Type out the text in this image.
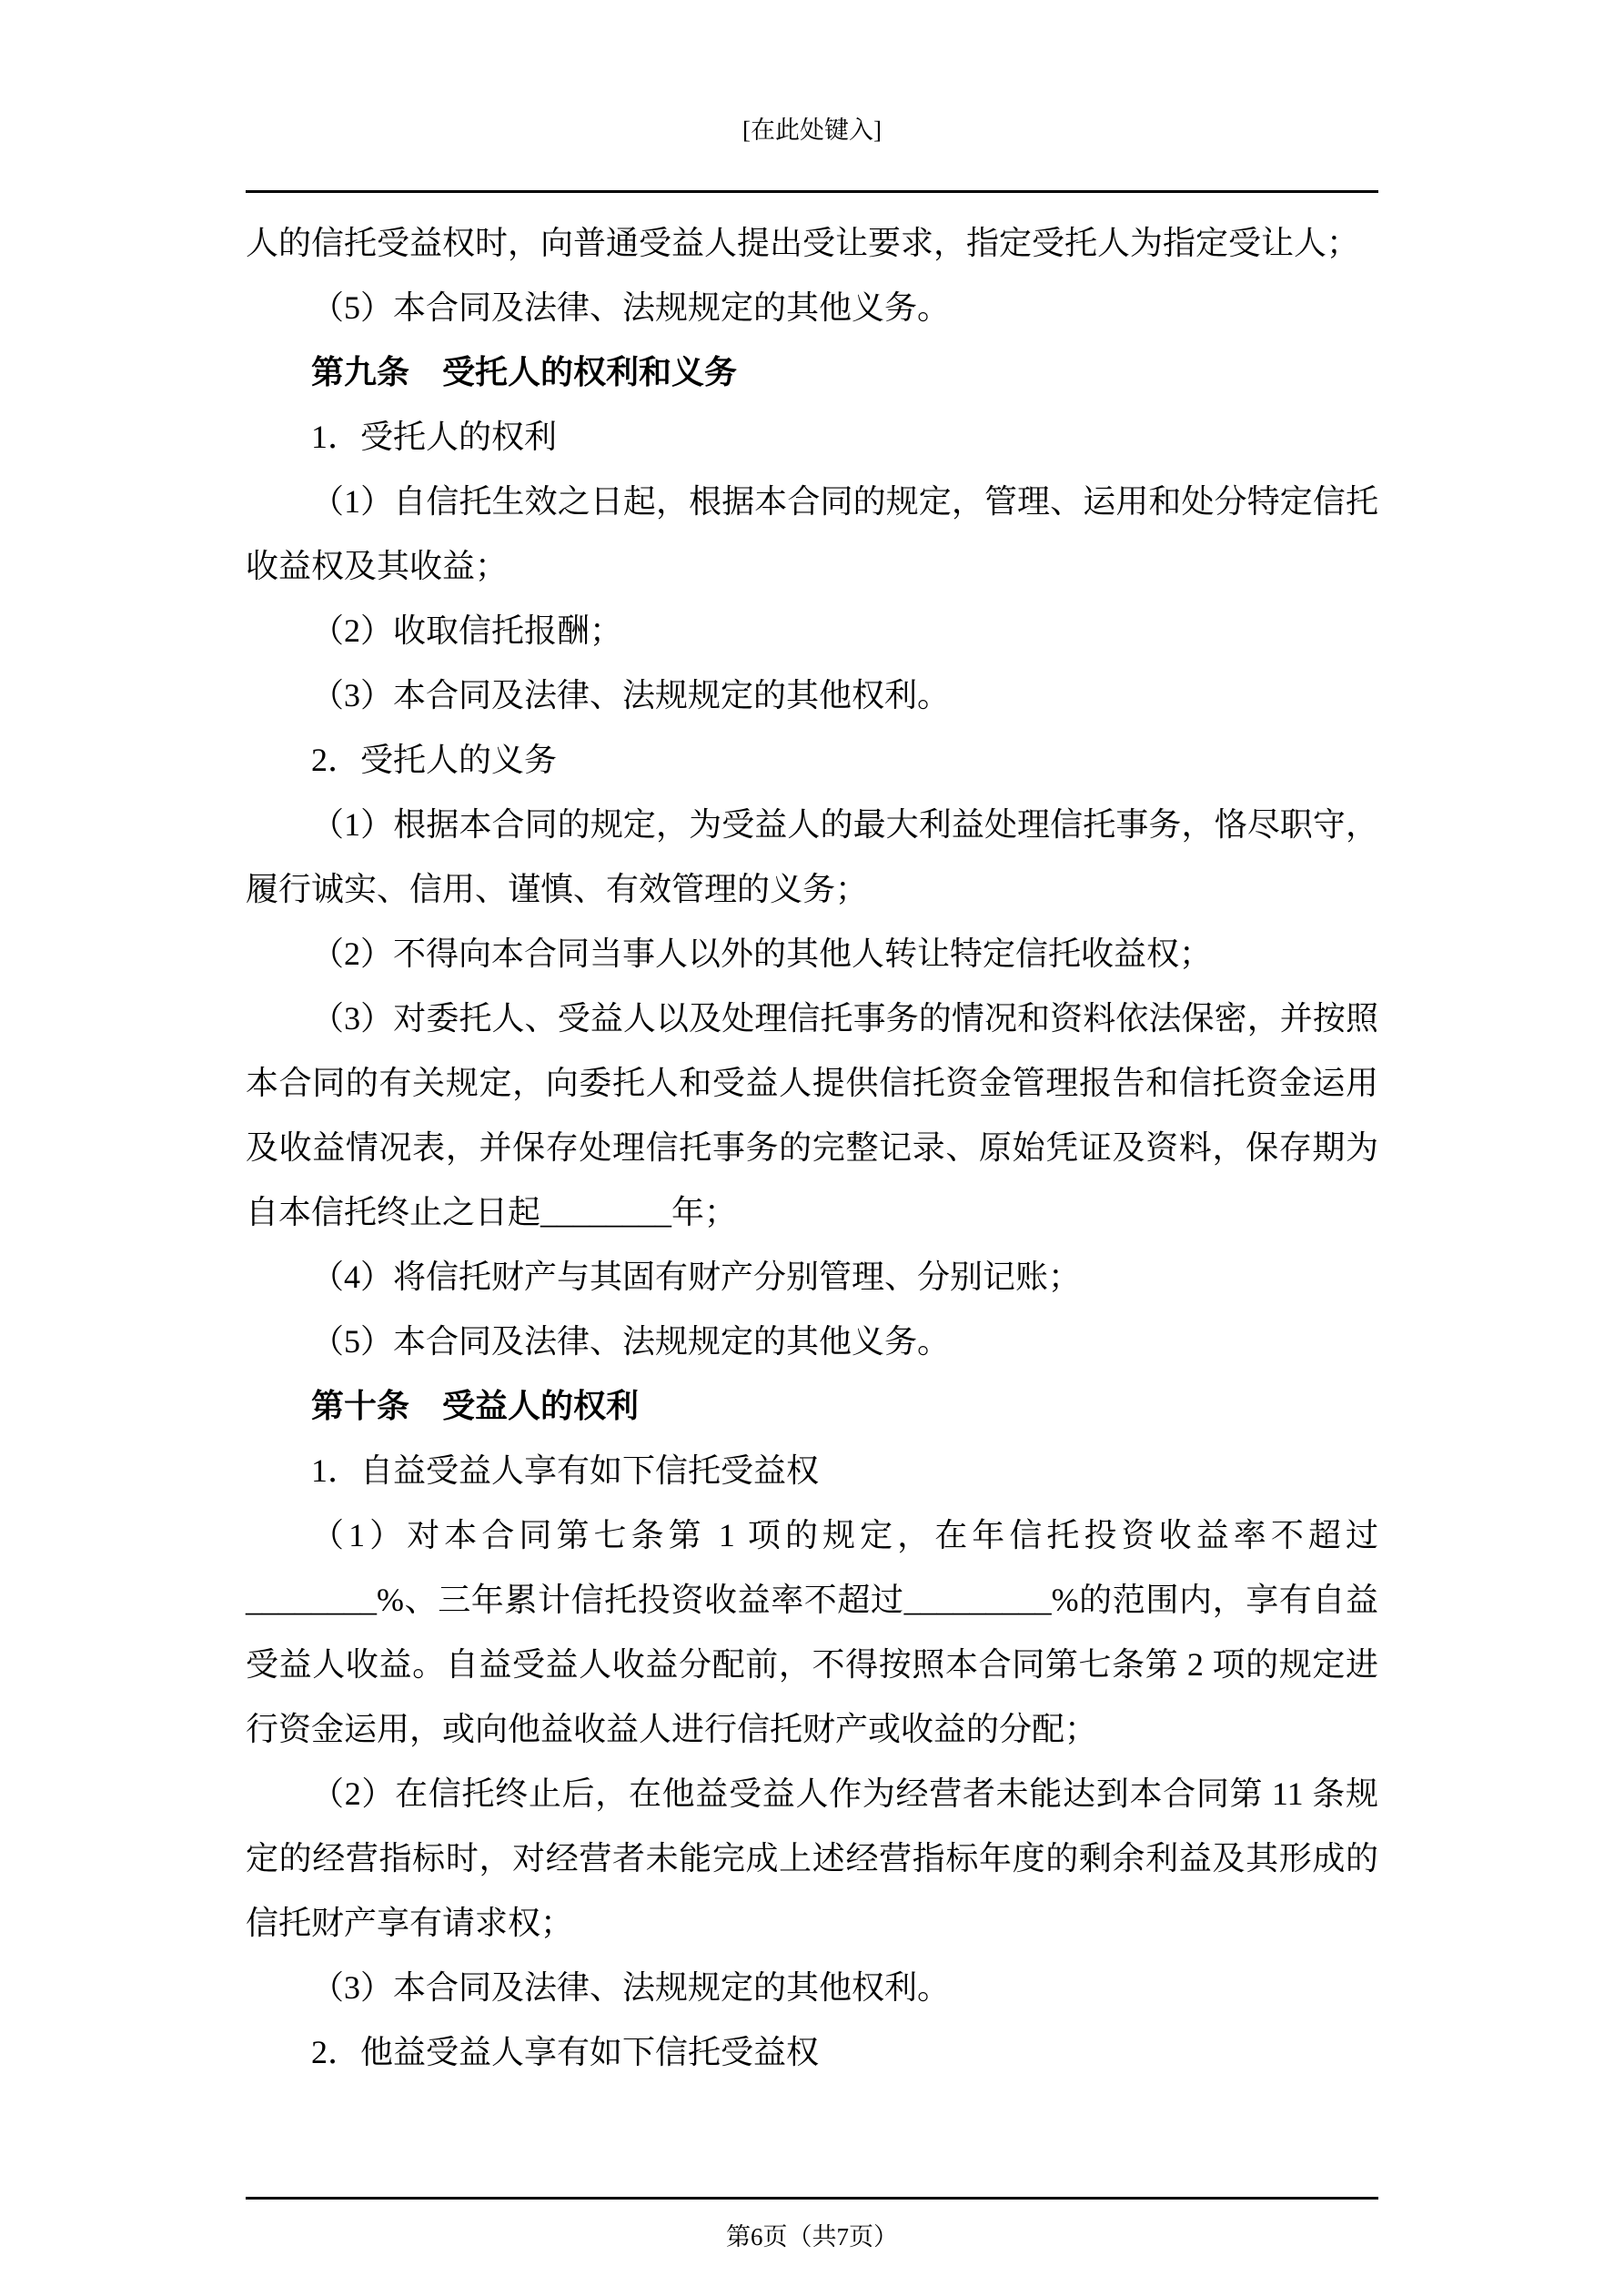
[在此处键入]

人的信托受益权时，向普通受益人提出受让要求，指定受托人为指定受让人；

（5）本合同及法律、法规规定的其他义务。

第九条　受托人的权利和义务

1．受托人的权利

（1）自信托生效之日起，根据本合同的规定，管理、运用和处分特定信托收益权及其收益；

（2）收取信托报酬；

（3）本合同及法律、法规规定的其他权利。

2．受托人的义务

（1）根据本合同的规定，为受益人的最大利益处理信托事务，恪尽职守，履行诚实、信用、谨慎、有效管理的义务；

（2）不得向本合同当事人以外的其他人转让特定信托收益权；

（3）对委托人、受益人以及处理信托事务的情况和资料依法保密，并按照本合同的有关规定，向委托人和受益人提供信托资金管理报告和信托资金运用及收益情况表，并保存处理信托事务的完整记录、原始凭证及资料，保存期为自本信托终止之日起________年；

（4）将信托财产与其固有财产分别管理、分别记账；

（5）本合同及法律、法规规定的其他义务。

第十条　受益人的权利

1．自益受益人享有如下信托受益权

（1）对本合同第七条第 1 项的规定，在年信托投资收益率不超过________%、三年累计信托投资收益率不超过_________%的范围内，享有自益受益人收益。自益受益人收益分配前，不得按照本合同第七条第 2 项的规定进行资金运用，或向他益收益人进行信托财产或收益的分配；

（2）在信托终止后，在他益受益人作为经营者未能达到本合同第 11 条规定的经营指标时，对经营者未能完成上述经营指标年度的剩余利益及其形成的信托财产享有请求权；

（3）本合同及法律、法规规定的其他权利。

2．他益受益人享有如下信托受益权

第6页（共7页）
